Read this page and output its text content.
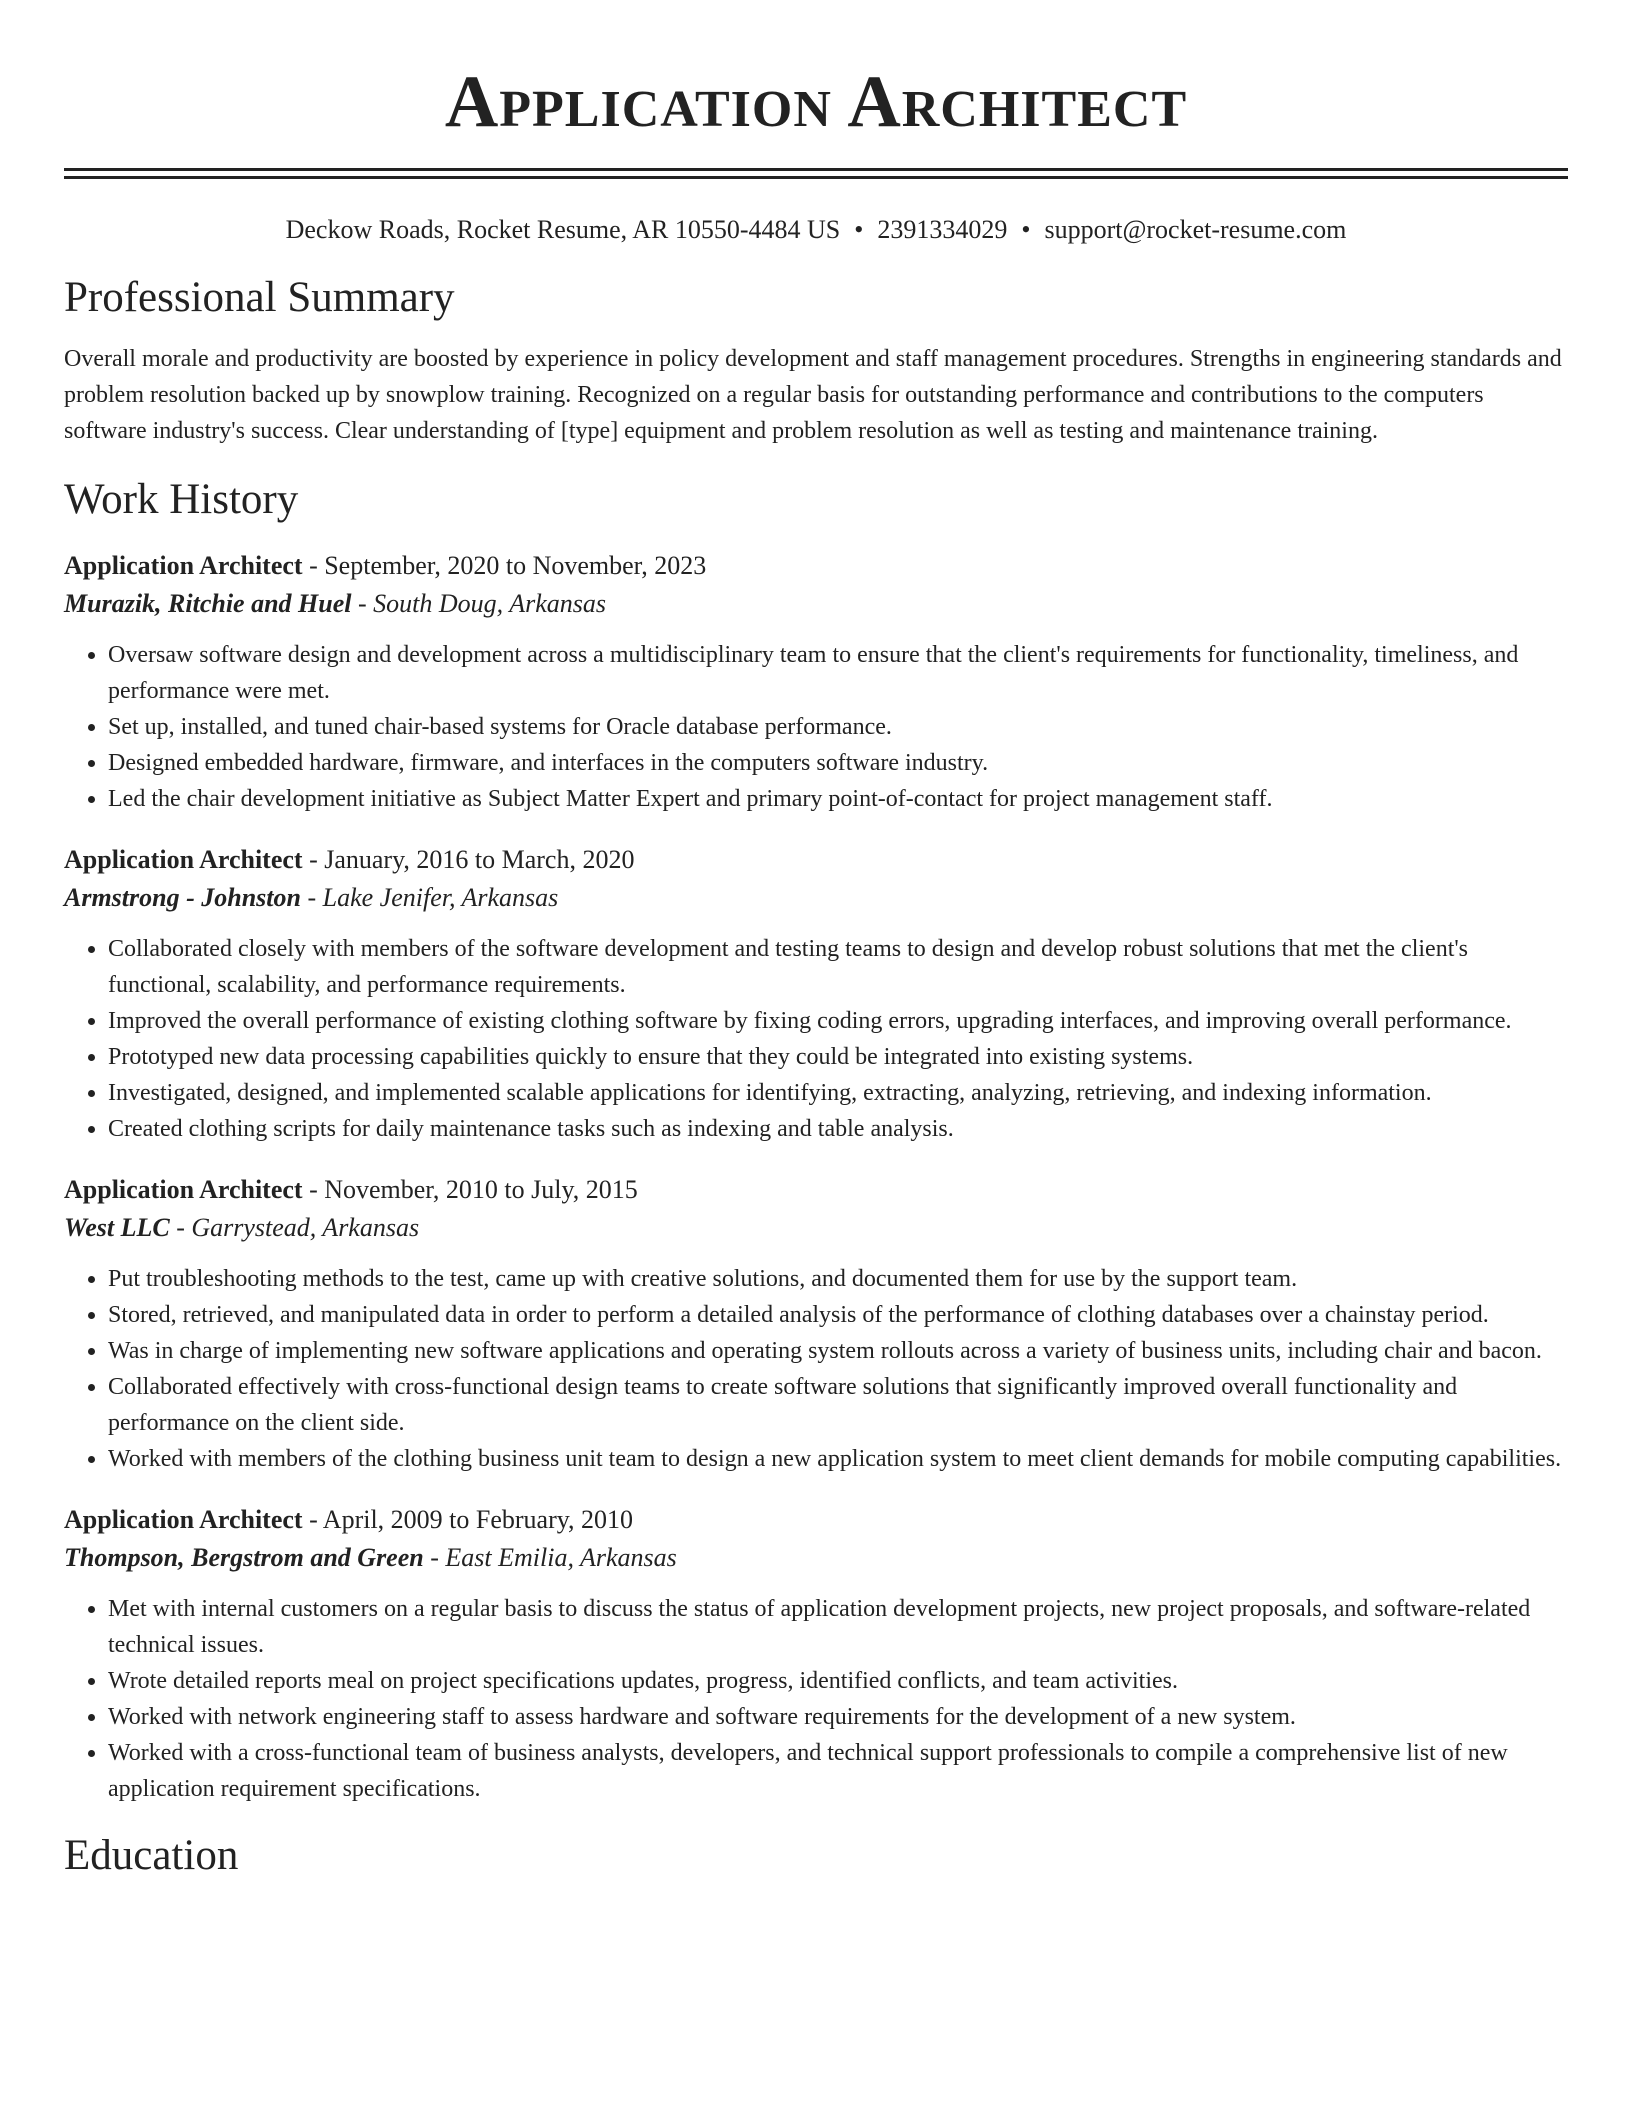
Application Architect
Deckow Roads, Rocket Resume, AR 10550-4484 US • 2391334029 • support@rocket-resume.com
Professional Summary

Overall morale and productivity are boosted by experience in policy development and staff management procedures. Strengths in engineering standards and problem resolution backed up by snowplow training. Recognized on a regular basis for outstanding performance and contributions to the computers software industry's success. Clear understanding of [type] equipment and problem resolution as well as testing and maintenance training.

Work History
Application Architect - September, 2020 to November, 2023
Murazik, Ritchie and Huel - South Doug, Arkansas
• Oversaw software design and development across a multidisciplinary team to ensure that the client's requirements for functionality, timeliness, and performance were met.
• Set up, installed, and tuned chair-based systems for Oracle database performance.
• Designed embedded hardware, firmware, and interfaces in the computers software industry.
• Led the chair development initiative as Subject Matter Expert and primary point-of-contact for project management staff.
Application Architect - January, 2016 to March, 2020
Armstrong - Johnston - Lake Jenifer, Arkansas
• Collaborated closely with members of the software development and testing teams to design and develop robust solutions that met the client's functional, scalability, and performance requirements.
• Improved the overall performance of existing clothing software by fixing coding errors, upgrading interfaces, and improving overall performance.
• Prototyped new data processing capabilities quickly to ensure that they could be integrated into existing systems.
• Investigated, designed, and implemented scalable applications for identifying, extracting, analyzing, retrieving, and indexing information.
• Created clothing scripts for daily maintenance tasks such as indexing and table analysis.
Application Architect - November, 2010 to July, 2015
West LLC - Garrystead, Arkansas
• Put troubleshooting methods to the test, came up with creative solutions, and documented them for use by the support team.
• Stored, retrieved, and manipulated data in order to perform a detailed analysis of the performance of clothing databases over a chainstay period.
• Was in charge of implementing new software applications and operating system rollouts across a variety of business units, including chair and bacon.
• Collaborated effectively with cross-functional design teams to create software solutions that significantly improved overall functionality and performance on the client side.
• Worked with members of the clothing business unit team to design a new application system to meet client demands for mobile computing capabilities.
Application Architect - April, 2009 to February, 2010
Thompson, Bergstrom and Green - East Emilia, Arkansas
• Met with internal customers on a regular basis to discuss the status of application development projects, new project proposals, and software-related technical issues.
• Wrote detailed reports meal on project specifications updates, progress, identified conflicts, and team activities.
• Worked with network engineering staff to assess hardware and software requirements for the development of a new system.
• Worked with a cross-functional team of business analysts, developers, and technical support professionals to compile a comprehensive list of new application requirement specifications.
Education
